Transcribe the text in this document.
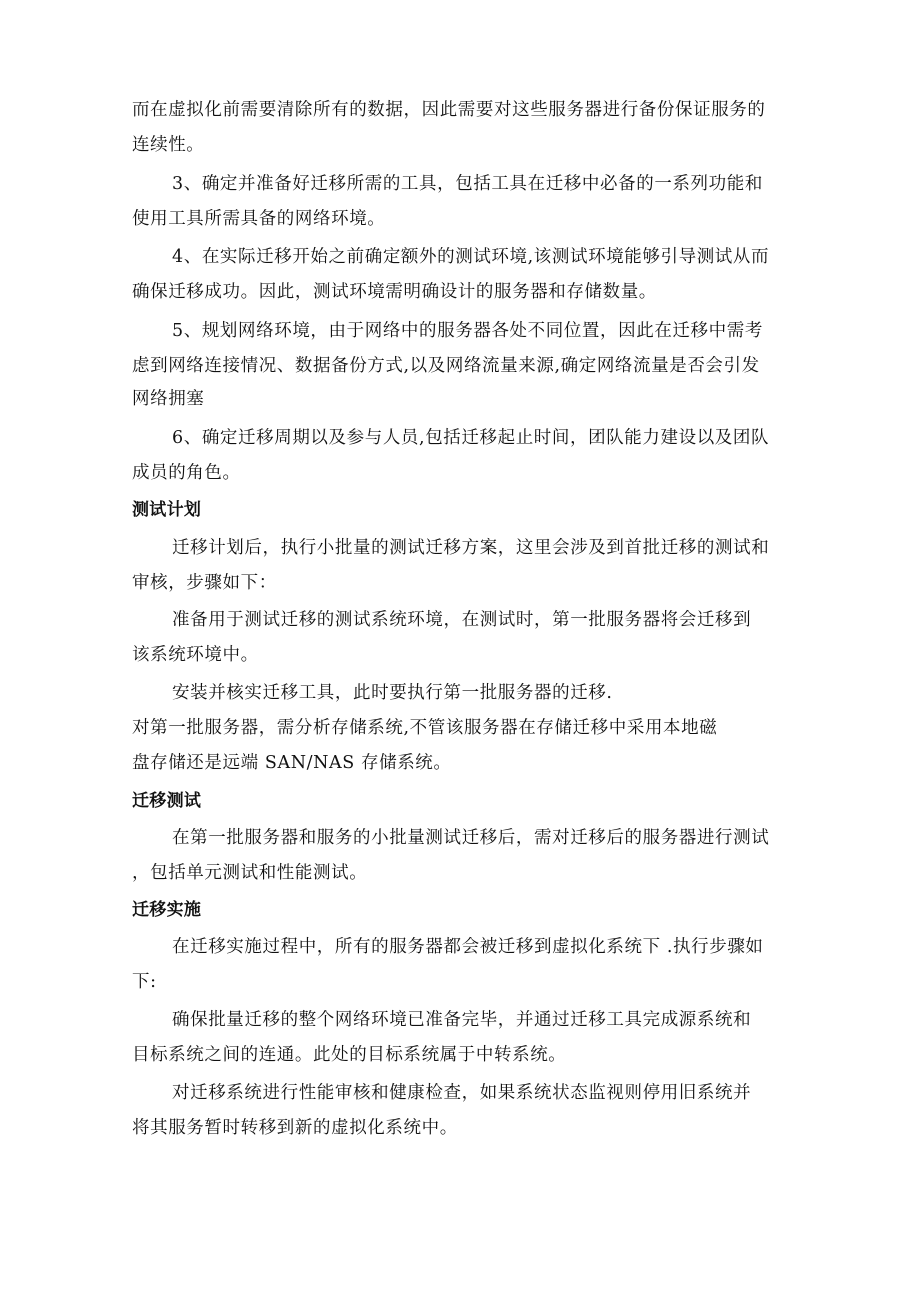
而在虚拟化前需要清除所有的数据，因此需要对这些服务器进行备份保证服务的
连续性。
3、确定并准备好迁移所需的工具，包括工具在迁移中必备的一系列功能和
使用工具所需具备的网络环境。
4、在实际迁移开始之前确定额外的测试环境,该测试环境能够引导测试从而
确保迁移成功。因此，测试环境需明确设计的服务器和存储数量。
5、规划网络环境，由于网络中的服务器各处不同位置，因此在迁移中需考
虑到网络连接情况、数据备份方式,以及网络流量来源,确定网络流量是否会引发
网络拥塞
6、确定迁移周期以及参与人员,包括迁移起止时间，团队能力建设以及团队
成员的角色。
测试计划
迁移计划后，执行小批量的测试迁移方案，这里会涉及到首批迁移的测试和
审核，步骤如下：
准备用于测试迁移的测试系统环境，在测试时，第一批服务器将会迁移到
该系统环境中。
安装并核实迁移工具，此时要执行第一批服务器的迁移.
对第一批服务器，需分析存储系统,不管该服务器在存储迁移中采用本地磁
盘存储还是远端 SAN/NAS 存储系统。
迁移测试
在第一批服务器和服务的小批量测试迁移后，需对迁移后的服务器进行测试
，包括单元测试和性能测试。
迁移实施
在迁移实施过程中，所有的服务器都会被迁移到虚拟化系统下 .执行步骤如
下:
确保批量迁移的整个网络环境已准备完毕，并通过迁移工具完成源系统和
目标系统之间的连通。此处的目标系统属于中转系统。
对迁移系统进行性能审核和健康检查，如果系统状态监视则停用旧系统并
将其服务暂时转移到新的虚拟化系统中。
